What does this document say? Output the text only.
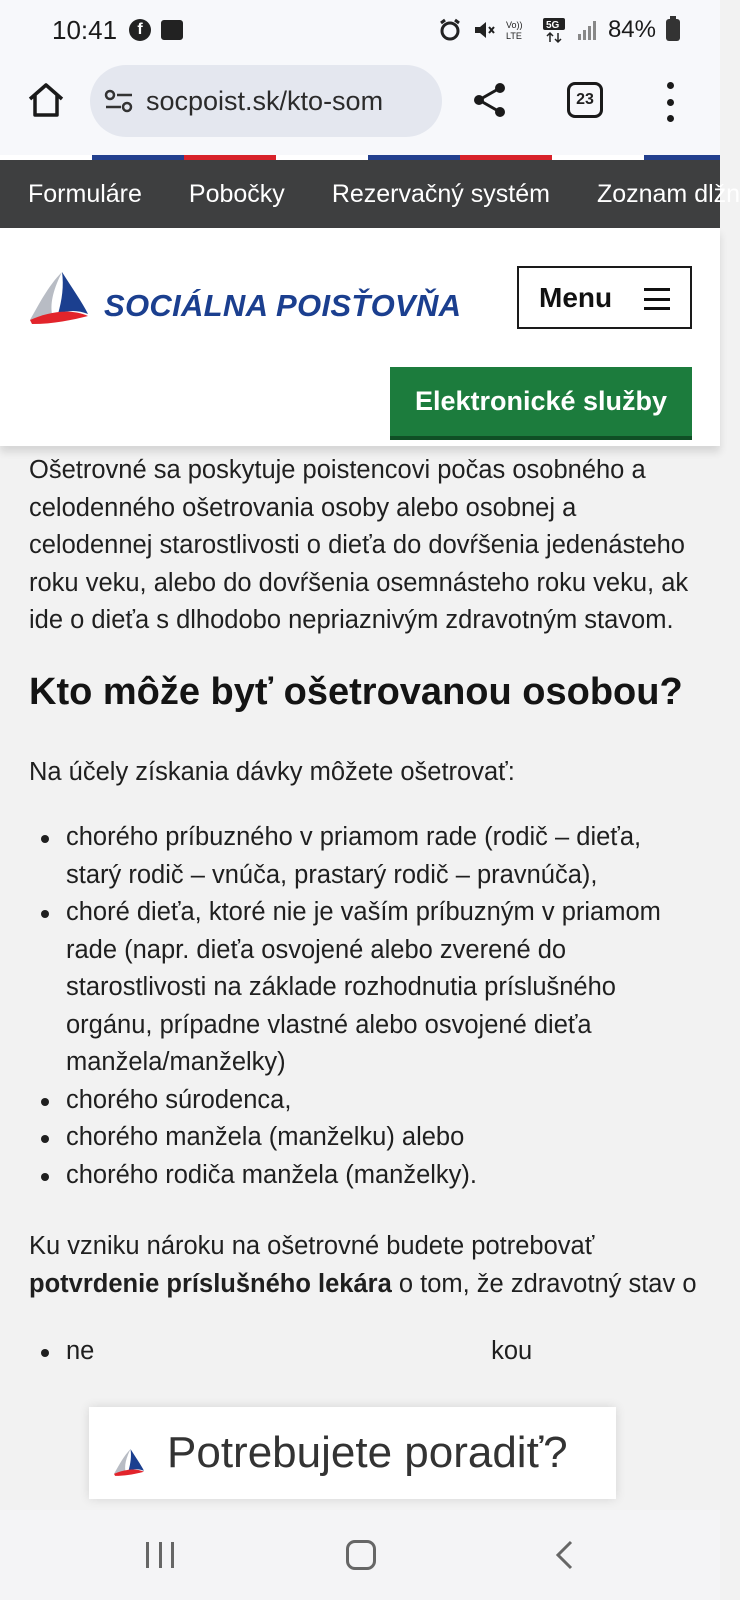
10:41	f	Vo))
LTE
5G 84%
socpoist.sk/kto-som	23
Formuláre Pobočky Rezervačný systém Zoznam dlžn
SOCIÁLNA POISŤOVŇA	Menu
Elektronické služby

Ošetrovné sa poskytuje poistencovi počas osobného a celodenného ošetrovania osoby alebo osobnej a celodennej starostlivosti o dieťa do dovŕšenia jedenásteho roku veku, alebo do dovŕšenia osemnásteho roku veku, ak ide o dieťa s dlhodobo nepriaznivým zdravotným stavom.

Kto môže byť ošetrovanou osobou?

Na účely získania dávky môžete ošetrovať:

chorého príbuzného v priamom rade (rodič – dieťa, starý rodič – vnúča, prastarý rodič – pravnúča),
choré dieťa, ktoré nie je vaším príbuzným v priamom rade (napr. dieťa osvojené alebo zverené do starostlivosti na základe rozhodnutia príslušného orgánu, prípadne vlastné alebo osvojené dieťa manžela/manželky)
chorého súrodenca,
chorého manžela (manželku) alebo
chorého rodiča manžela (manželky).

Ku vzniku nároku na ošetrovné budete potrebovať potvrdenie príslušného lekára o tom, že zdravotný stav o

ne                                                        kou
Potrebujete poradiť?
